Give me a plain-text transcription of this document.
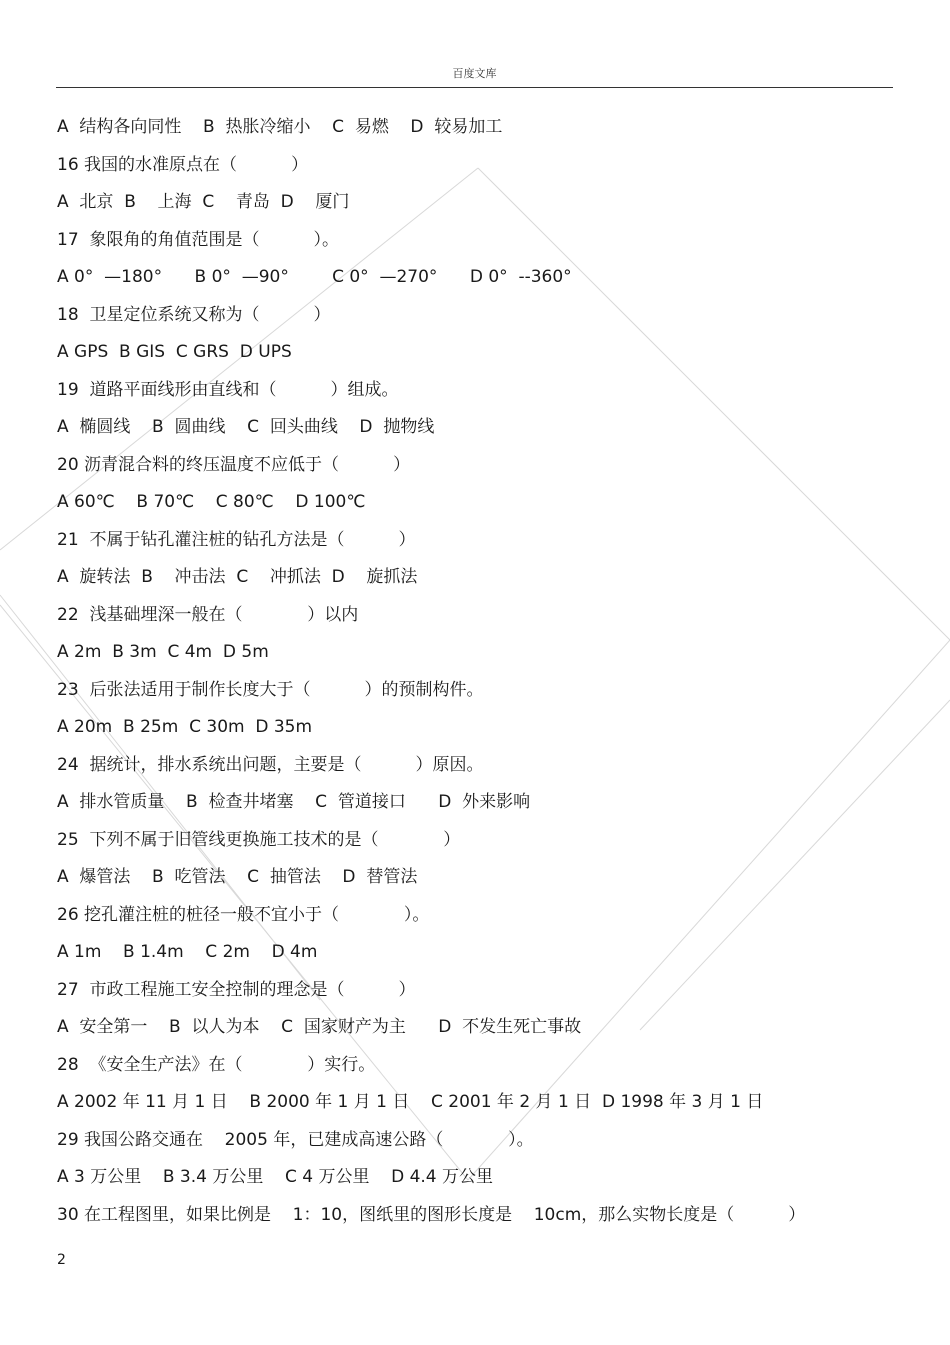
百度文库
A  结构各向同性    B  热胀冷缩小    C  易燃    D  较易加工
16 我国的水准原点在（          ）
A  北京  B    上海  C    青岛  D    厦门
17  象限角的角值范围是（          ）。
A 0°  —180°      B 0°  —90°        C 0°  —270°      D 0°  --360°
18  卫星定位系统又称为（          ）
A GPS  B GIS  C GRS  D UPS
19  道路平面线形由直线和（          ）组成。
A  椭圆线    B  圆曲线    C  回头曲线    D  抛物线
20 沥青混合料的终压温度不应低于（          ）
A 60℃    B 70℃    C 80℃    D 100℃
21  不属于钻孔灌注桩的钻孔方法是（          ）
A  旋转法  B    冲击法  C    冲抓法  D    旋抓法
22  浅基础埋深一般在（            ）以内
A 2m  B 3m  C 4m  D 5m
23  后张法适用于制作长度大于（          ）的预制构件。
A 20m  B 25m  C 30m  D 35m
24  据统计，排水系统出问题，主要是（          ）原因。
A  排水管质量    B  检查井堵塞    C  管道接口      D  外来影响
25  下列不属于旧管线更换施工技术的是（            ）
A  爆管法    B  吃管法    C  抽管法    D  替管法
26 挖孔灌注桩的桩径一般不宜小于（            ）。
A 1m    B 1.4m    C 2m    D 4m
27  市政工程施工安全控制的理念是（          ）
A  安全第一    B  以人为本    C  国家财产为主      D  不发生死亡事故
28  《安全生产法》在（            ）实行。
A 2002 年 11 月 1 日    B 2000 年 1 月 1 日    C 2001 年 2 月 1 日  D 1998 年 3 月 1 日
29 我国公路交通在    2005 年，已建成高速公路（            ）。
A 3 万公里    B 3.4 万公里    C 4 万公里    D 4.4 万公里
30 在工程图里，如果比例是    1：10，图纸里的图形长度是    10cm，那么实物长度是（          ）
2
